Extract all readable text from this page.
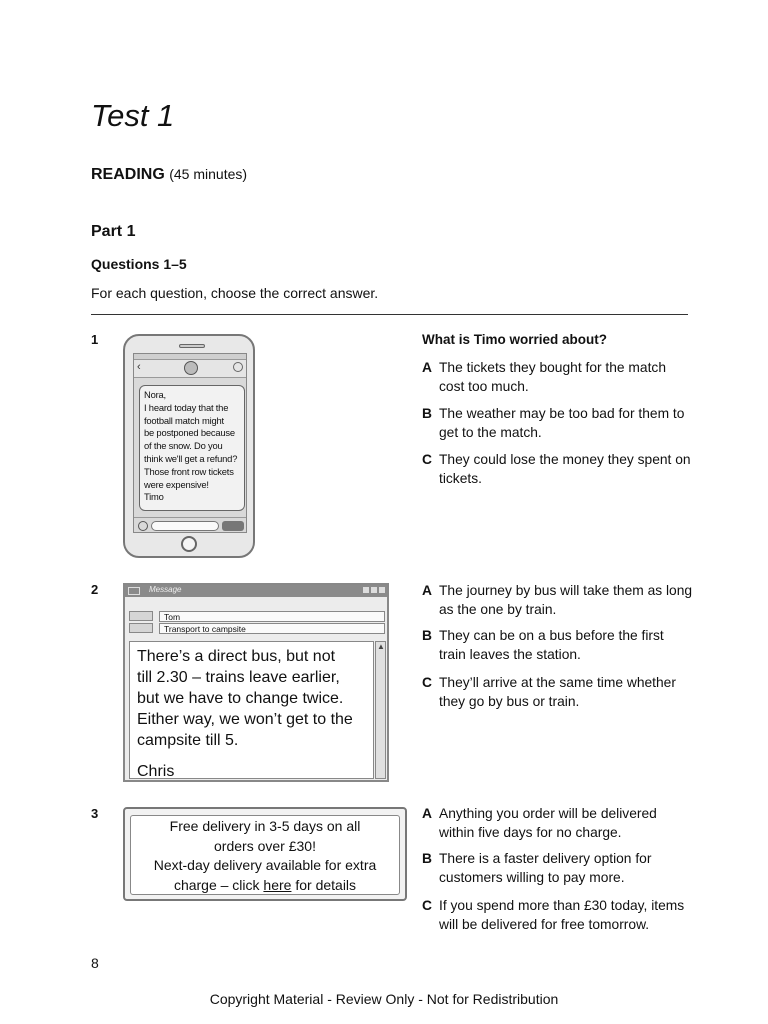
Test 1
READING (45 minutes)
Part 1
Questions 1–5
For each question, choose the correct answer.
1
‹
Nora,
I heard today that the
football match might
be postponed because
of the snow. Do you
think we'll get a refund?
Those front row tickets
were expensive!
Timo
What is Timo worried about?
A The tickets they bought for the match cost too much.
B The weather may be too bad for them to get to the match.
C They could lose the money they spent on tickets.
2	Message
Tom
Transport to campsite
There’s a direct bus, but not
till 2.30 – trains leave earlier,
but we have to change twice.
Either way, we won’t get to the
campsite till 5.
Chris
▲
A The journey by bus will take them as long as the one by train.
B They can be on a bus before the first train leaves the station.
C They’ll arrive at the same time whether they go by bus or train.
3
Free delivery in 3-5 days on all
orders over £30!
Next-day delivery available for extra
charge – click here for details
A Anything you order will be delivered within five days for no charge.
B There is a faster delivery option for customers willing to pay more.
C If you spend more than £30 today, items will be delivered for free tomorrow.
8
Copyright Material - Review Only - Not for Redistribution
